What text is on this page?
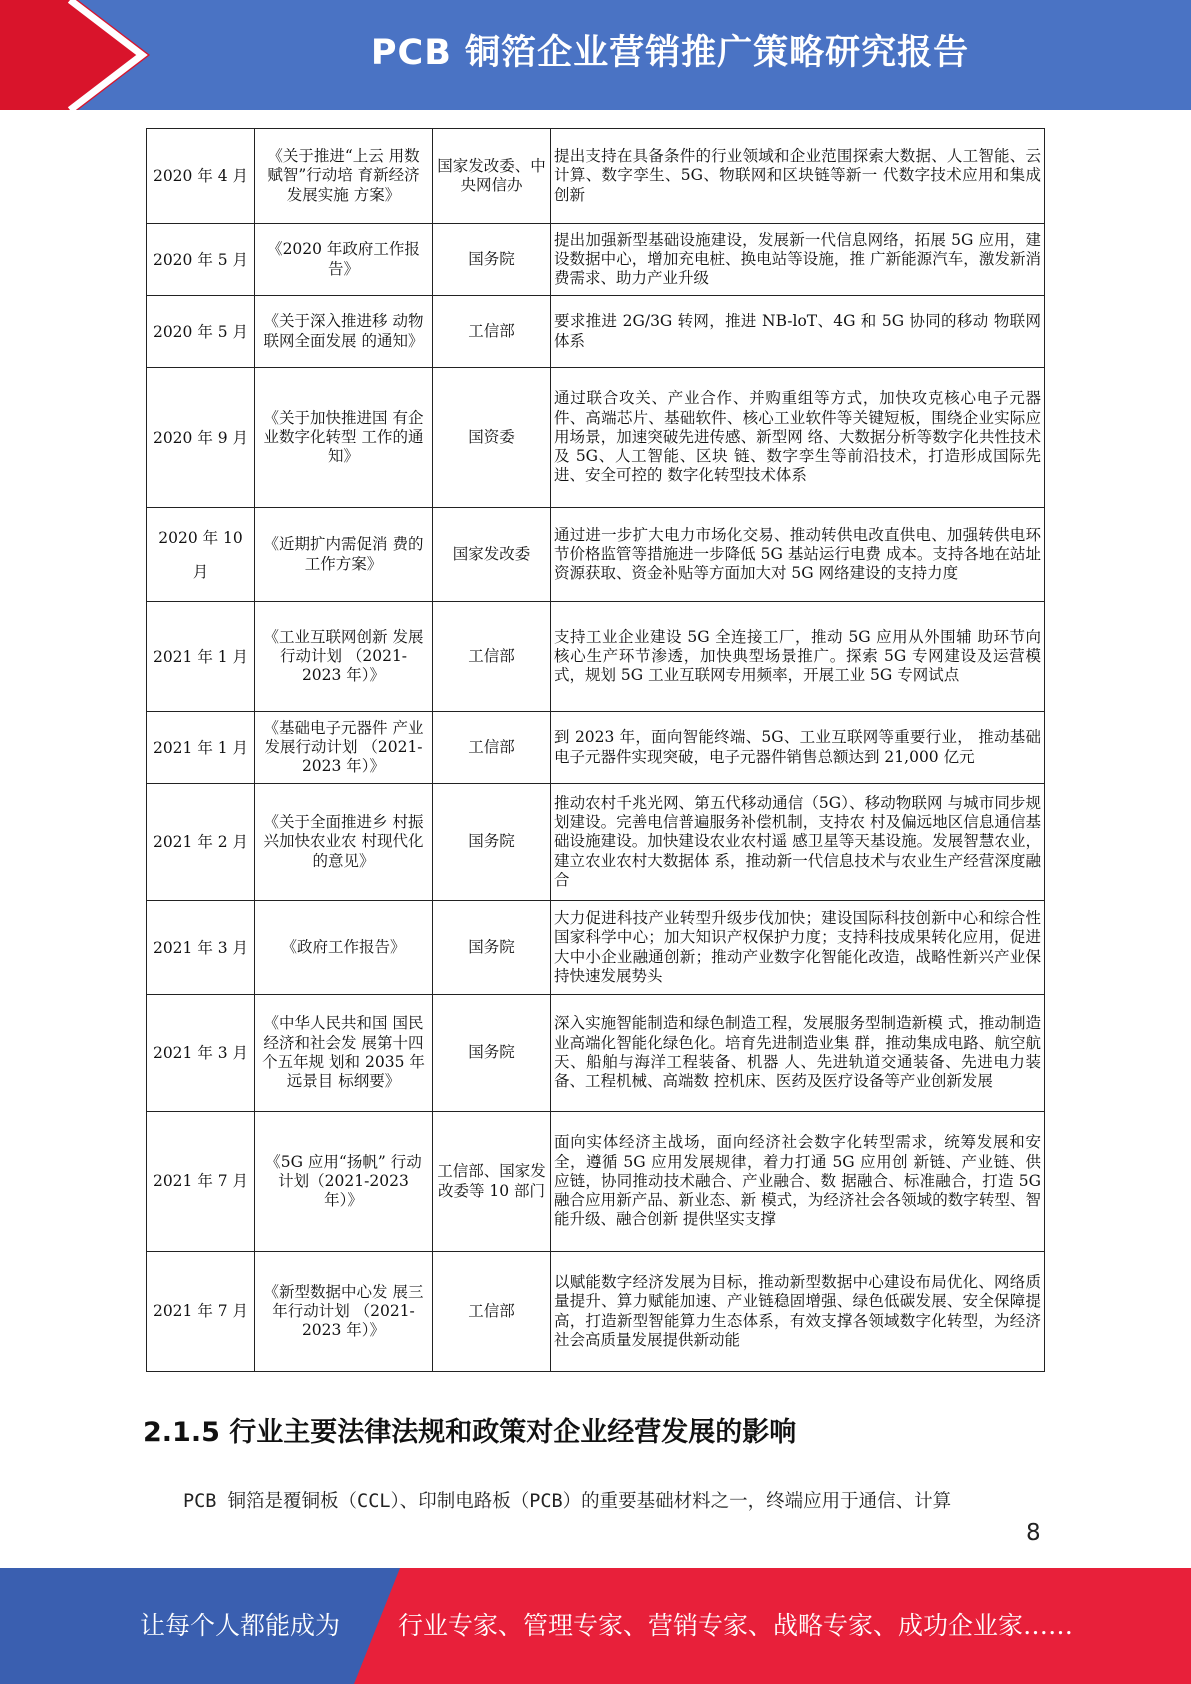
PCB 铜箔企业营销推广策略研究报告
2020 年 4 月	《关于推进“上云 用数赋智”行动培 育新经济发展实施 方案》	国家发改委、中央网信办	提出支持在具备条件的行业领域和企业范围探索大数据、人工智能、云计算、数字孪生、5G、物联网和区块链等新一 代数字技术应用和集成创新
2020 年 5 月	《2020 年政府工作报告》	国务院	提出加强新型基础设施建设，发展新一代信息网络，拓展 5G 应用，建设数据中心，增加充电桩、换电站等设施，推 广新能源汽车，激发新消费需求、助力产业升级
2020 年 5 月	《关于深入推进移 动物联网全面发展 的通知》	工信部	要求推进 2G/3G 转网，推进 NB-loT、4G 和 5G 协同的移动 物联网体系
2020 年 9 月	《关于加快推进国 有企业数字化转型 工作的通知》	国资委	通过联合攻关、产业合作、并购重组等方式，加快攻克核心电子元器件、高端芯片、基础软件、核心工业软件等关键短板，围绕企业实际应用场景，加速突破先进传感、新型网 络、大数据分析等数字化共性技术及 5G、人工智能、区块 链、数字孪生等前沿技术，打造形成国际先进、安全可控的 数字化转型技术体系
2020 年 10 月	《近期扩内需促消 费的工作方案》	国家发改委	通过进一步扩大电力市场化交易、推动转供电改直供电、加强转供电环节价格监管等措施进一步降低 5G 基站运行电费 成本。支持各地在站址资源获取、资金补贴等方面加大对 5G 网络建设的支持力度
2021 年 1 月	《工业互联网创新 发展行动计划 （2021-2023 年）》	工信部	支持工业企业建设 5G 全连接工厂，推动 5G 应用从外围辅 助环节向核心生产环节渗透，加快典型场景推广。探索 5G 专网建设及运营模式，规划 5G 工业互联网专用频率，开展工业 5G 专网试点
2021 年 1 月	《基础电子元器件 产业发展行动计划 （2021-2023 年）》	工信部	到 2023 年，面向智能终端、5G、工业互联网等重要行业， 推动基础电子元器件实现突破，电子元器件销售总额达到 21,000 亿元
2021 年 2 月	《关于全面推进乡 村振兴加快农业农 村现代化的意见》	国务院	推动农村千兆光网、第五代移动通信（5G）、移动物联网 与城市同步规划建设。完善电信普遍服务补偿机制，支持农 村及偏远地区信息通信基础设施建设。加快建设农业农村遥 感卫星等天基设施。发展智慧农业，建立农业农村大数据体 系，推动新一代信息技术与农业生产经营深度融合
2021 年 3 月	《政府工作报告》	国务院	大力促进科技产业转型升级步伐加快；建设国际科技创新中心和综合性国家科学中心；加大知识产权保护力度；支持科技成果转化应用，促进大中小企业融通创新；推动产业数字化智能化改造，战略性新兴产业保持快速发展势头
2021 年 3 月	《中华人民共和国 国民经济和社会发 展第十四个五年规 划和 2035 年远景目 标纲要》	国务院	深入实施智能制造和绿色制造工程，发展服务型制造新模 式，推动制造业高端化智能化绿色化。培育先进制造业集 群，推动集成电路、航空航天、船舶与海洋工程装备、机器 人、先进轨道交通装备、先进电力装备、工程机械、高端数 控机床、医药及医疗设备等产业创新发展
2021 年 7 月	《5G 应用“扬帆” 行动计划（2021-2023 年）》	工信部、国家发改委等 10 部门	面向实体经济主战场，面向经济社会数字化转型需求，统筹发展和安全，遵循 5G 应用发展规律，着力打通 5G 应用创 新链、产业链、供应链，协同推动技术融合、产业融合、数 据融合、标准融合，打造 5G 融合应用新产品、新业态、新 模式，为经济社会各领域的数字转型、智能升级、融合创新 提供坚实支撑
2021 年 7 月	《新型数据中心发 展三年行动计划 （2021-2023 年）》	工信部	以赋能数字经济发展为目标，推动新型数据中心建设布局优化、网络质量提升、算力赋能加速、产业链稳固增强、绿色低碳发展、安全保障提高，打造新型智能算力生态体系，有效支撑各领域数字化转型，为经济社会高质量发展提供新动能
2.1.5 行业主要法律法规和政策对企业经营发展的影响
PCB 铜箔是覆铜板（CCL）、印制电路板（PCB）的重要基础材料之一，终端应用于通信、计算
8
让每个人都能成为 行业专家、管理专家、营销专家、战略专家、成功企业家……
